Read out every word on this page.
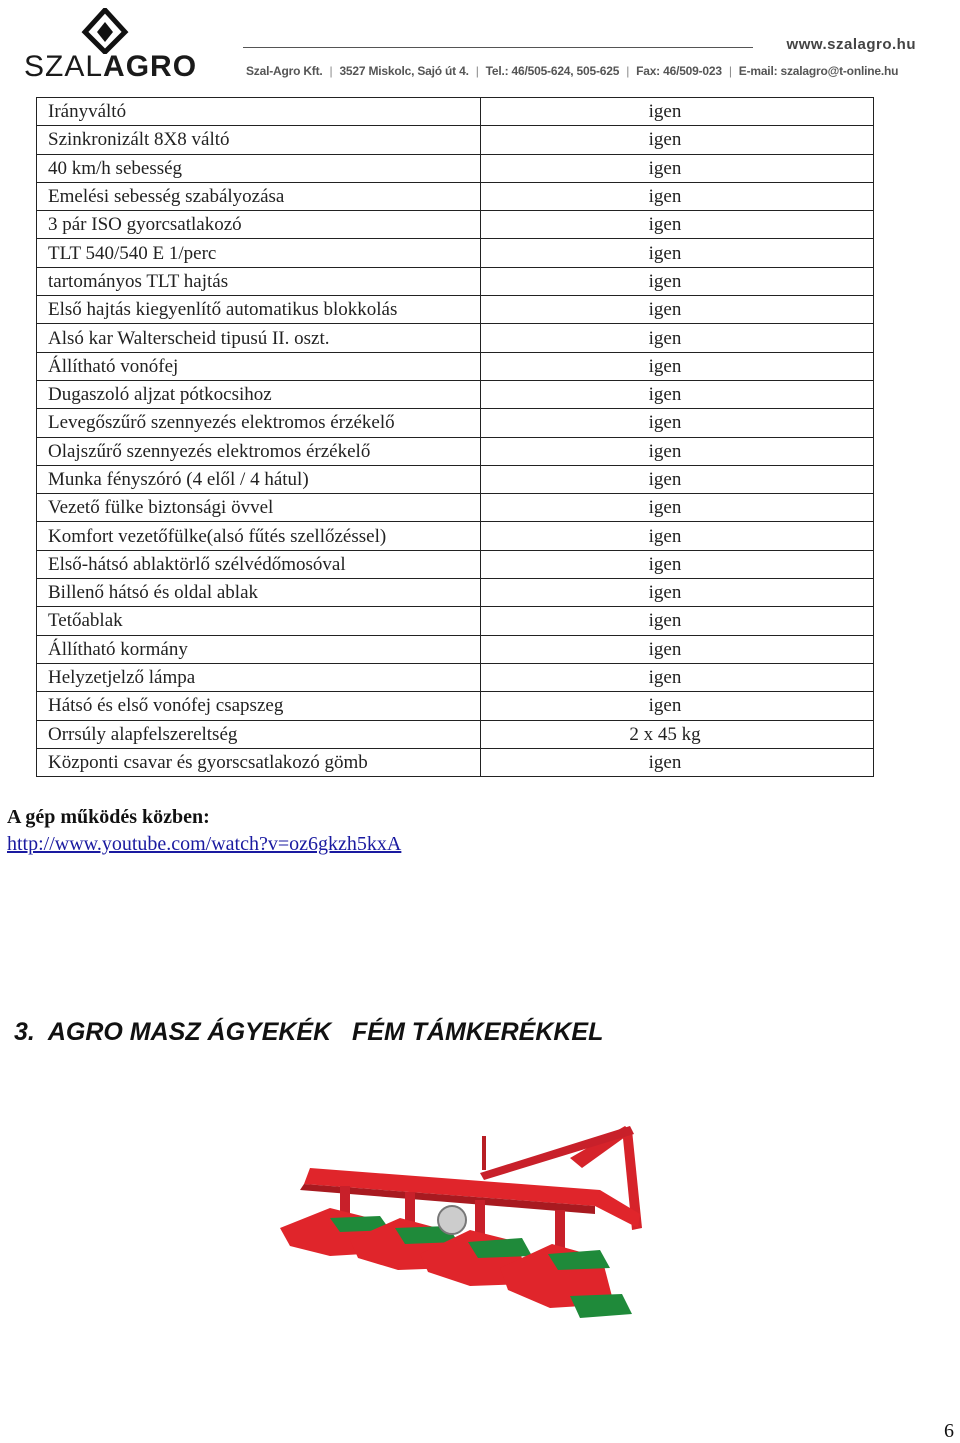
SZALAGRO
www.szalagro.hu
Szal-Agro Kft. | 3527 Miskolc, Sajó út 4. | Tel.: 46/505-624, 505-625 | Fax: 46/509-023 | E-mail: szalagro@t-online.hu
Irányváltó	igen
Szinkronizált 8X8 váltó	igen
40 km/h sebesség	igen
Emelési sebesség szabályozása	igen
3 pár ISO gyorcsatlakozó	igen
TLT 540/540 E 1/perc	igen
tartományos TLT hajtás	igen
Első hajtás kiegyenlítő automatikus blokkolás	igen
Alsó kar Walterscheid tipusú II. oszt.	igen
Állítható vonófej	igen
Dugaszoló aljzat pótkocsihoz	igen
Levegőszűrő szennyezés elektromos érzékelő	igen
Olajszűrő szennyezés elektromos érzékelő	igen
Munka fényszóró (4 elől / 4 hátul)	igen
Vezető fülke biztonsági övvel	igen
Komfort vezetőfülke(alsó fűtés szellőzéssel)	igen
Első-hátsó ablaktörlő szélvédőmosóval	igen
Billenő hátsó és oldal ablak	igen
Tetőablak	igen
Állítható kormány	igen
Helyzetjelző lámpa	igen
Hátsó és első vonófej csapszeg	igen
Orrsúly alapfelszereltség	2 x 45 kg
Központi csavar és gyorscsatlakozó gömb	igen
A gép működés közben:
http://www.youtube.com/watch?v=oz6gkzh5kxA
3.  AGRO MASZ ÁGYEKÉK   FÉM TÁMKERÉKKEL
6
